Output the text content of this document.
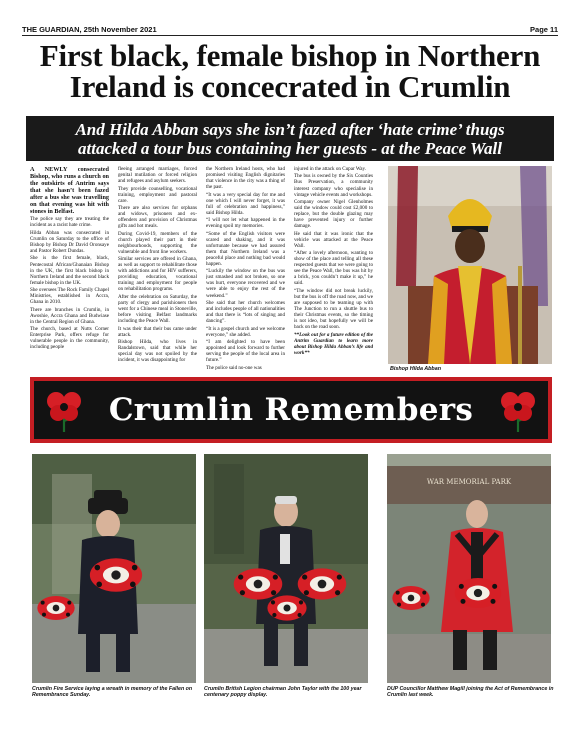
THE GUARDIAN, 25th November 2021	Page 11
First black, female bishop in Northern
Ireland is concecrated in Crumlin
And Hilda Abban says she isn’t fazed after ‘hate crime’ thugs
attacked a tour bus containing her guests - at the Peace Wall

A NEWLY consecrated Bishop, who runs a church on the outskirts of Antrim says that she hasn’t been fazed after a bus she was travelling on that evening was hit with stones in Belfast.

The police say they are treating the incident as a racist hate crime.

Hilda Abban was consecrated in Crumlin on Saturday to the office of Bishop by Bishop Dr David Oronsaye and Pastor Robert Dundas.

She is the first female, black, Pentecostal African/Ghanaian Bishop in the UK, the first black bishop in Northern Ireland and the second black female bishop in the UK.

She oversees The Rock Family Chapel Ministries, established in Accra, Ghana in 2010.

There are branches in Crumlin, in Awoshie, Accra Ghana and Budwiase in the Central Region of Ghana.

The church, based at Nutts Corner Enterprise Park, offers refuge for vulnerable people in the community, including people

fleeing arranged marriages, forced genital mutilation or forced religion and refugees and asylum seekers.

They provide counselling, vocational training, employment and pastoral care.

There are also services for orphans and widows, prisoners and ex-offenders and provision of Christmas gifts and hot meals.

During Covid-19, members of the church played their part in their neighbourhoods, supporting the vulnerable and front line workers.

Similar services are offered in Ghana, as well as support to rehabilitate those with addictions and for HIV sufferers, providing education, vocational training and employment for people on rehabilitation programs.

After the celebration on Saturday, the party of clergy and parishioners then went for a Chinese meal in Stoneville, before visiting Belfast landmarks including the Peace Wall.

It was their that their bus came under attack.

Bishop Hilda, who lives in Randalstown, said that while her special day was not spoiled by the incident, it was disappointing for

the Northern Ireland hosts, who had promised visiting English dignitaries that violence in the city was a thing of the past.

“It was a very special day for me and one which I will never forget, it was full of celebration and happiness,” said Bishop Hilda.

“I will not let what happened in the evening spoil my memories.

“Some of the English visitors were scared and shaking, and it was unfortunate because we had assured them that Northern Ireland was a peaceful place and nothing bad would happen.

“Luckily the window on the bus was just smashed and not broken, so one was hurt, everyone recovered and we were able to enjoy the rest of the weekend.”

She said that her church welcomes and includes people of all nationalities and that there is “lots of singing and dancing”.

“It is a gospel church and we welcome everyone,” she added.

“I am delighted to have been appointed and look forward to further serving the people of the local area in future.”

The police said no-one was

injured in the attack on Cupar Way.

The bus is owned by the Six Counties Bus Preservation, a community interest company who specialise in vintage vehicle events and workshops.

Company owner Nigel Glenholmes said the window could cost £2,000 to replace, but the double glazing may have prevented injury or further damage.

He said that it was ironic that the vehicle was attacked at the Peace Wall.

“After a lovely afternoon, wanting to show of the place and telling all these respected guests that we were going to see the Peace Wall, the bus was hit by a brick, you couldn’t make it up,” he said.

“The window did not break luckily, but the bus is off the road now, and we are supposed to be teaming up with The Junction to run a shuttle bus to their Christmas events, so the timing is not ideo, but hopefully we will be back on the road soon.

**Look out for a future edition of the Antrim Guardian to learn more about Bishop Hilda Abban’s life and work**

Bishop Hilda Abban
Crumlin Remembers
WAR MEMORIAL PARK
Crumlin Fire Service laying a wreath in memory of the Fallen on Remembrance Sunday.
Crumlin British Legion chairman John Taylor with the 100 year centenary poppy display.
DUP Councillor Matthew Magill joining the Act of Remembrance in Crumlin last week.
